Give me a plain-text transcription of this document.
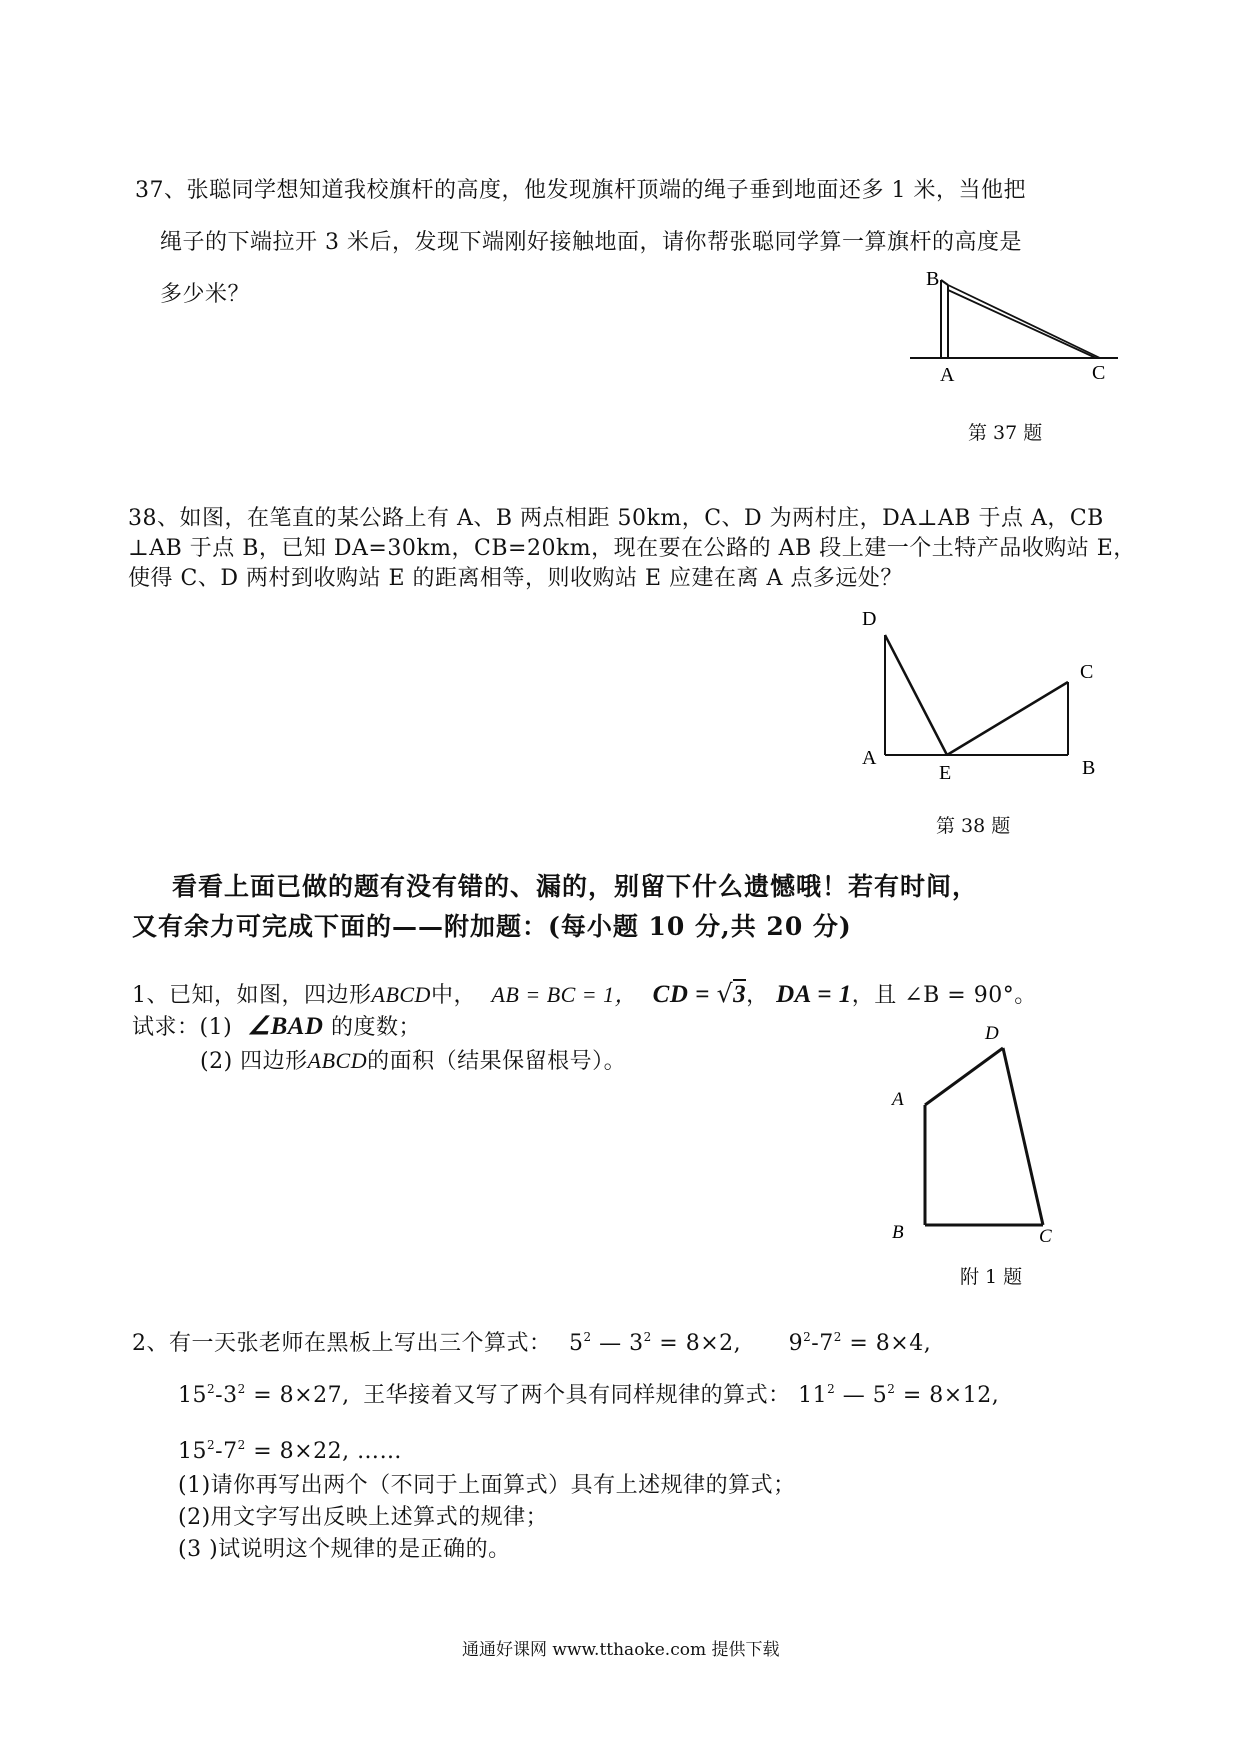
37、张聪同学想知道我校旗杆的高度，他发现旗杆顶端的绳子垂到地面还多 1 米，当他把
绳子的下端拉开 3 米后，发现下端刚好接触地面，请你帮张聪同学算一算旗杆的高度是
多少米？
B
A	C
第 37 题
38、如图，在笔直的某公路上有 A、B 两点相距 50km，C、D 为两村庄，DA⊥AB 于点 A，CB
⊥AB 于点 B，已知 DA=30km，CB=20km，现在要在公路的 AB 段上建一个土特产品收购站 E，
使得 C、D 两村到收购站 E 的距离相等，则收购站 E 应建在离 A 点多远处？
D
C
A
E	B
第 38 题
看看上面已做的题有没有错的、漏的，别留下什么遗憾哦！若有时间，
又有余力可完成下面的——附加题：(每小题 10 分,共 20 分)
1、已知，如图，四边形ABCD中， AB = BC = 1， CD = √3， DA = 1，且 ∠B = 90°。
试求：(1) ∠BAD 的度数；
(2) 四边形ABCD的面积（结果保留根号）。
D
A
B	C
附 1 题
2、有一天张老师在黑板上写出三个算式： $5^2$ — $3^2 = 8\times 2$, $9^2-7^2 = 8\times 4$,
$15^2-3^2 = 8\times 27$, 王华接着又写了两个具有同样规律的算式： $11^2$ — $5^2 = 8\times 12$,
$15^2-7^2 = 8\times 22$, ……
(1)请你再写出两个（不同于上面算式）具有上述规律的算式；
(2)用文字写出反映上述算式的规律；
(3 )试说明这个规律的是正确的。
通通好课网 www.tthaoke.com 提供下载
